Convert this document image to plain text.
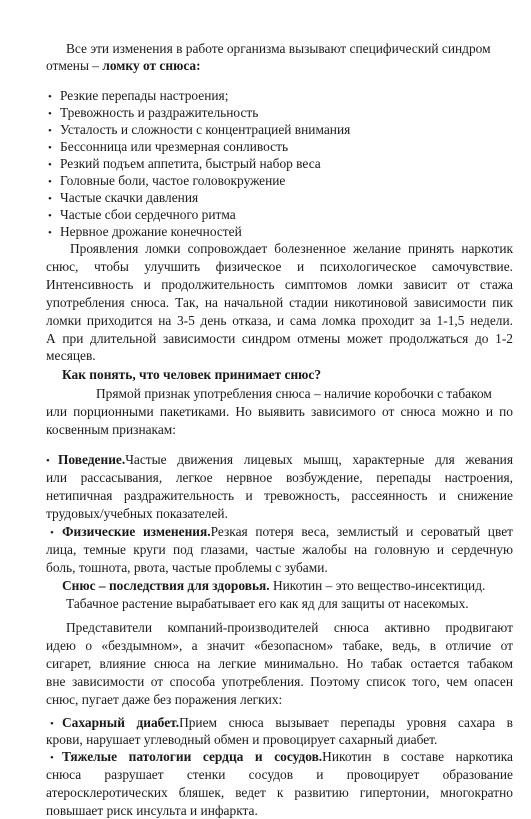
Все эти изменения в работе организма вызывают специфический синдром
отмены – ломку от снюса:
• Резкие перепады настроения;
• Тревожность и раздражительность
• Усталость и сложности с концентрацией внимания
• Бессонница или чрезмерная сонливость
• Резкий подъем аппетита, быстрый набор веса
• Головные боли, частое головокружение
• Частые скачки давления
• Частые сбои сердечного ритма
• Нервное дрожание конечностей
Проявления ломки сопровождает болезненное желание принять наркотик
снюс, чтобы улучшить физическое и психологическое самочувствие.
Интенсивность и продолжительность симптомов ломки зависит от стажа
употребления снюса. Так, на начальной стадии никотиновой зависимости пик
ломки приходится на 3-5 день отказа, и сама ломка проходит за 1-1,5 недели.
А при длительной зависимости синдром отмены может продолжаться до 1-2
месяцев.
Как понять, что человек принимает снюс?
Прямой признак употребления снюса – наличие коробочки с табаком
или порционными пакетиками. Но выявить зависимого от снюса можно и по
косвенным признакам:
• Поведение.Частые движения лицевых мышц, характерные для жевания
или рассасывания, легкое нервное возбуждение, перепады настроения,
нетипичная раздражительность и тревожность, рассеянность и снижение
трудовых/учебных показателей.
• Физические изменения.Резкая потеря веса, землистый и сероватый цвет
лица, темные круги под глазами, частые жалобы на головную и сердечную
боль, тошнота, рвота, частые проблемы с зубами.
Снюс – последствия для здоровья. Никотин – это вещество-инсектицид.
Табачное растение вырабатывает его как яд для защиты от насекомых.
Представители компаний-производителей снюса активно продвигают
идею о «бездымном», а значит «безопасном» табаке, ведь, в отличие от
сигарет, влияние снюса на легкие минимально. Но табак остается табаком
вне зависимости от способа употребления. Поэтому список того, чем опасен
снюс, пугает даже без поражения легких:
• Сахарный диабет.Прием снюса вызывает перепады уровня сахара в
крови, нарушает углеводный обмен и провоцирует сахарный диабет.
• Тяжелые патологии сердца и сосудов.Никотин в составе наркотика
снюса разрушает стенки сосудов и провоцирует образование
атеросклеротических бляшек, ведет к развитию гипертонии, многократно
повышает риск инсульта и инфаркта.
